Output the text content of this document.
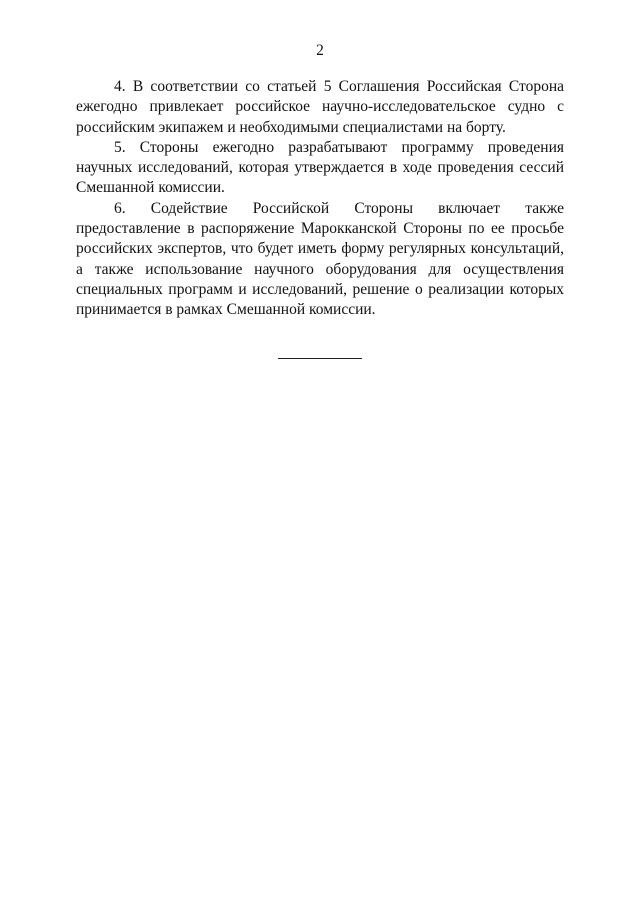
2

4. В соответствии со статьей 5 Соглашения Российская Сторона ежегодно привлекает российское научно-исследовательское судно с российским экипажем и необходимыми специалистами на борту.

5. Стороны ежегодно разрабатывают программу проведения научных исследований, которая утверждается в ходе проведения сессий Смешанной комиссии.

6. Содействие Российской Стороны включает также предоставление в распоряжение Марокканской Стороны по ее просьбе российских экспертов, что будет иметь форму регулярных консультаций, а также использование научного оборудования для осуществления специальных программ и исследований, решение о реализации которых принимается в рамках Смешанной комиссии.
